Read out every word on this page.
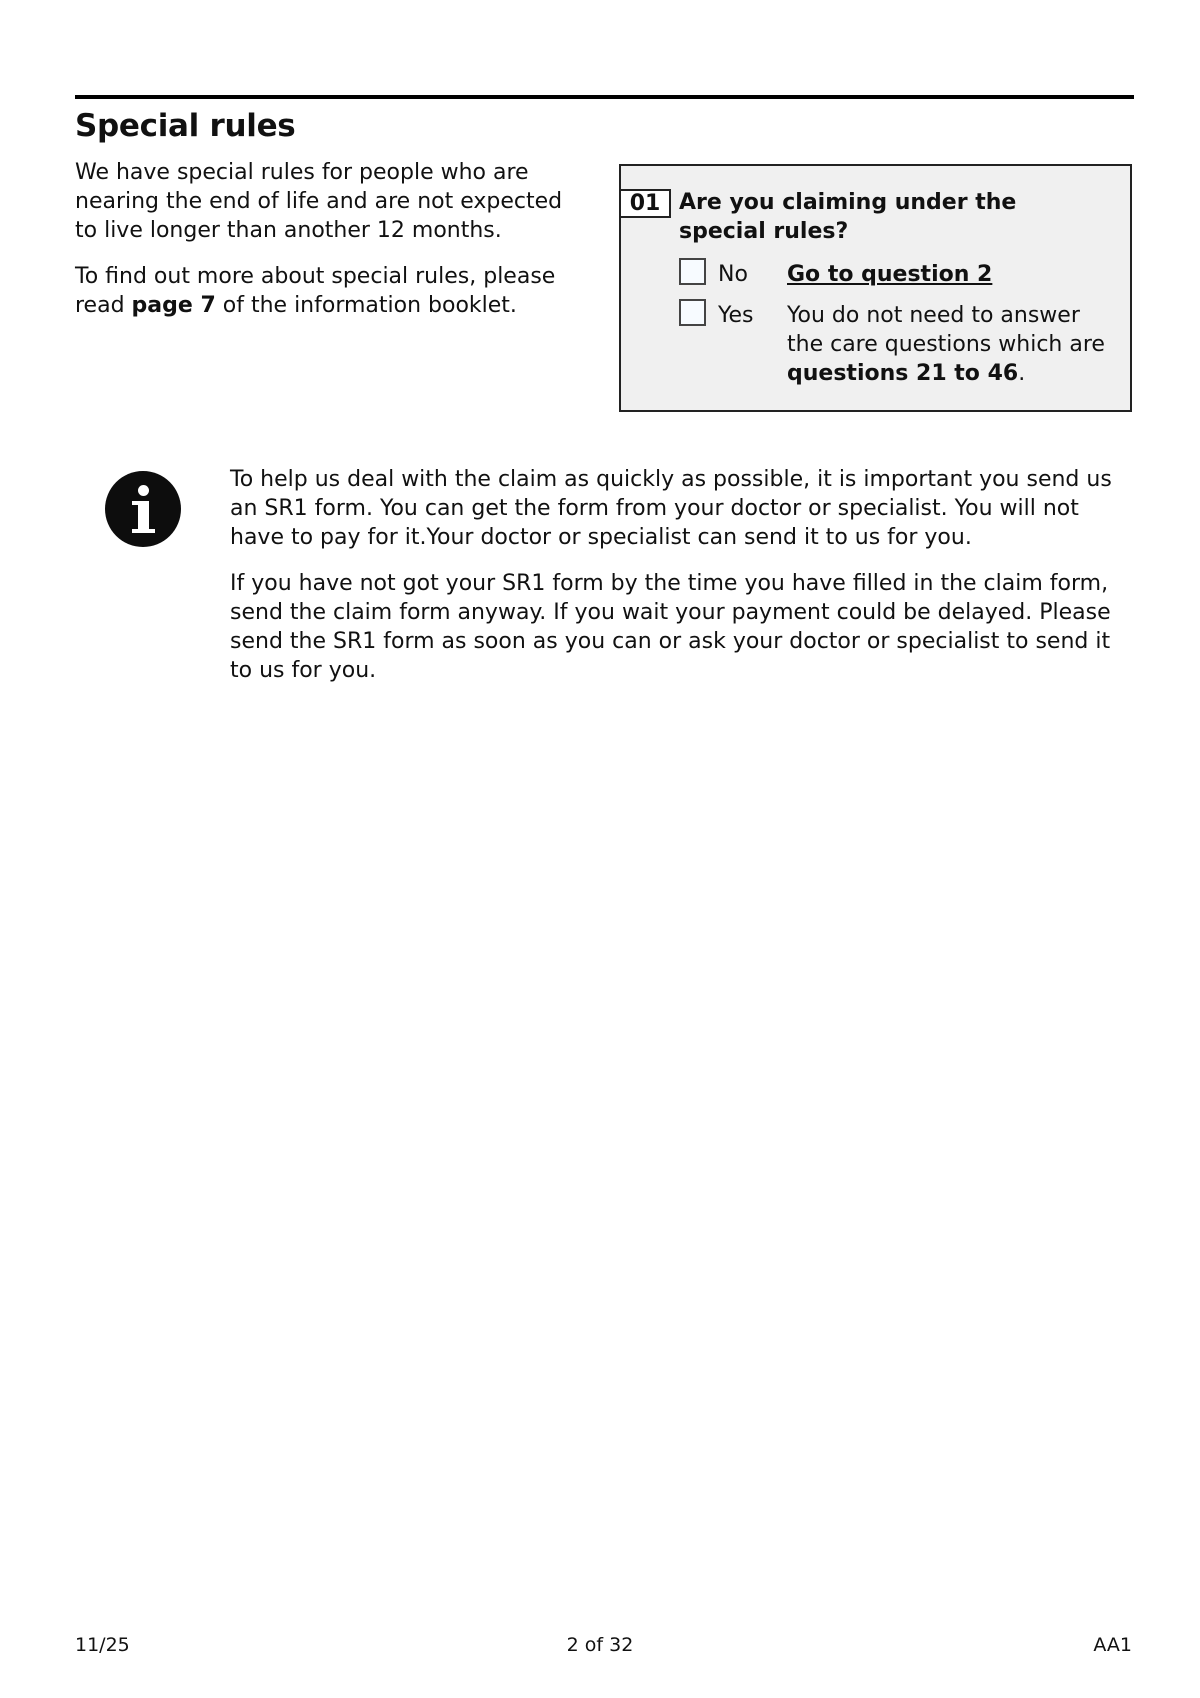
Special rules

We have special rules for people who are nearing the end of life and are not expected to live longer than another 12 months.

To find out more about special rules, please read page 7 of the information booklet.

01 Are you claiming under the special rules?
No Go to question 2
Yes You do not need to answer the care questions which are questions 21 to 46.

To help us deal with the claim as quickly as possible, it is important you send us an SR1 form. You can get the form from your doctor or specialist. You will not have to pay for it.Your doctor or specialist can send it to us for you.

If you have not got your SR1 form by the time you have filled in the claim form, send the claim form anyway. If you wait your payment could be delayed. Please send the SR1 form as soon as you can or ask your doctor or specialist to send it to us for you.

11/25	2 of 32	AA1
